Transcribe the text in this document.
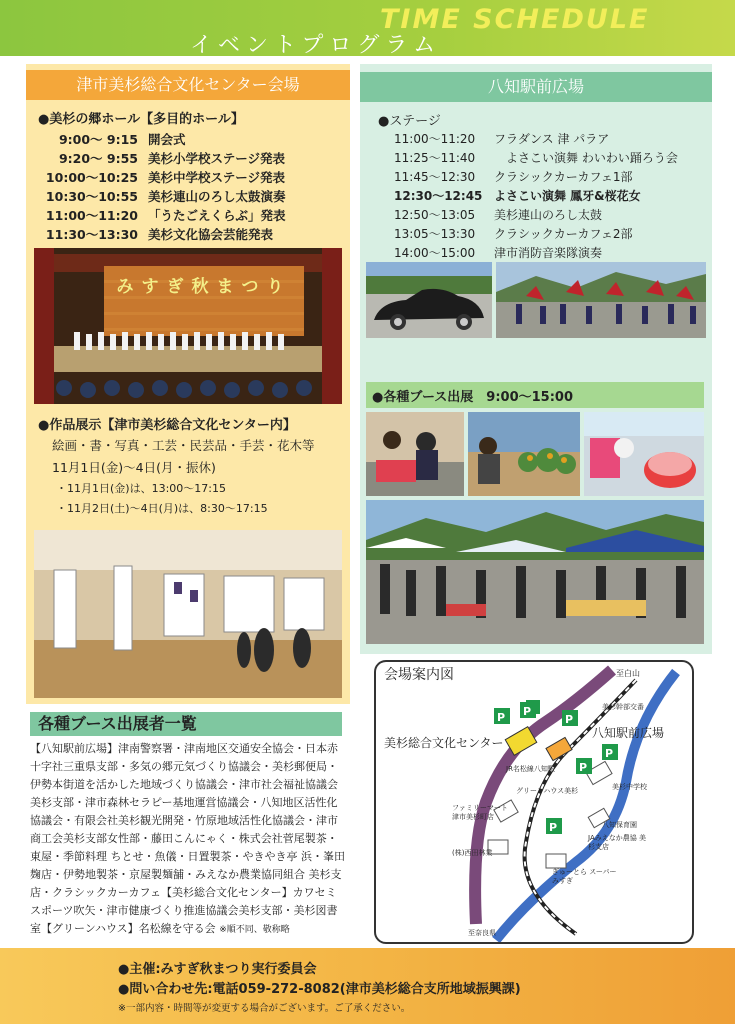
TIME SCHEDULE
イベントプログラム
津市美杉総合文化センター会場
●美杉の郷ホール【多目的ホール】
9:00〜 9:15 開会式
9:20〜 9:55 美杉小学校ステージ発表
10:00〜10:25 美杉中学校ステージ発表
10:30〜10:55 美杉連山のろし太鼓演奏
11:00〜11:20 「うたごえくらぶ」発表
11:30〜13:30 美杉文化協会芸能発表
みすぎ秋まつり
●作品展示【津市美杉総合文化センター内】
絵画・書・写真・工芸・民芸品・手芸・花木等
11月1日(金)〜4日(月・振休)
・11月1日(金)は、13:00〜17:15
・11月2日(土)〜4日(月)は、8:30〜17:15
八知駅前広場
●ステージ
11:00〜11:20 フラダンス 津 パラア
11:25〜11:40　よさこい演舞 わいわい踊ろう会
11:45〜12:30 クラシックカーカフェ1部
12:30〜12:45 よさこい演舞 鳳牙&桜花女
12:50〜13:05 美杉連山のろし太鼓
13:05〜13:30 クラシックカーカフェ2部
14:00〜15:00 津市消防音楽隊演奏
●各種ブース出展　9:00〜15:00
各種ブース出展者一覧
【八知駅前広場】津南警察署・津南地区交通安全協会・日本赤十字社三重県支部・多気の郷元気づくり協議会・美杉郵便局・伊勢本街道を活かした地域づくり協議会・津市社会福祉協議会美杉支部・津市森林セラピー基地運営協議会・八知地区活性化協議会・有限会社美杉観光開発・竹原地域活性化協議会・津市商工会美杉支部女性部・藤田こんにゃく・株式会社菅尾製茶・東屋・季節料理 ちとせ・魚儀・日置製茶・やきやき亭 浜・峯田麹店・伊勢地製茶・京屋製麺舗・みえなか農業協同組合 美杉支店・クラシックカーカフェ【美杉総合文化センター】カワセミスポーツ吹矢・津市健康づくり推進協議会美杉支部・美杉図書室【グリーンハウス】名松線を守る会 ※順不同、敬称略
会場案内図
P P
P
P
P
P
至白山
美杉総合文化センター
八知駅前広場
美杉幹部交番
JR名松線八知駅
グリーンハウス美杉	美杉中学校
ファミリーマート 津市美杉町店
八知保育園
JAみえなか農協 美杉支店
(株)西田林業
ぎゅーとら スーパーみすぎ
至奈良県
●主催:みすぎ秋まつり実行委員会
●問い合わせ先:電話059-272-8082(津市美杉総合支所地域振興課)
※一部内容・時間等が変更する場合がございます。ご了承ください。
